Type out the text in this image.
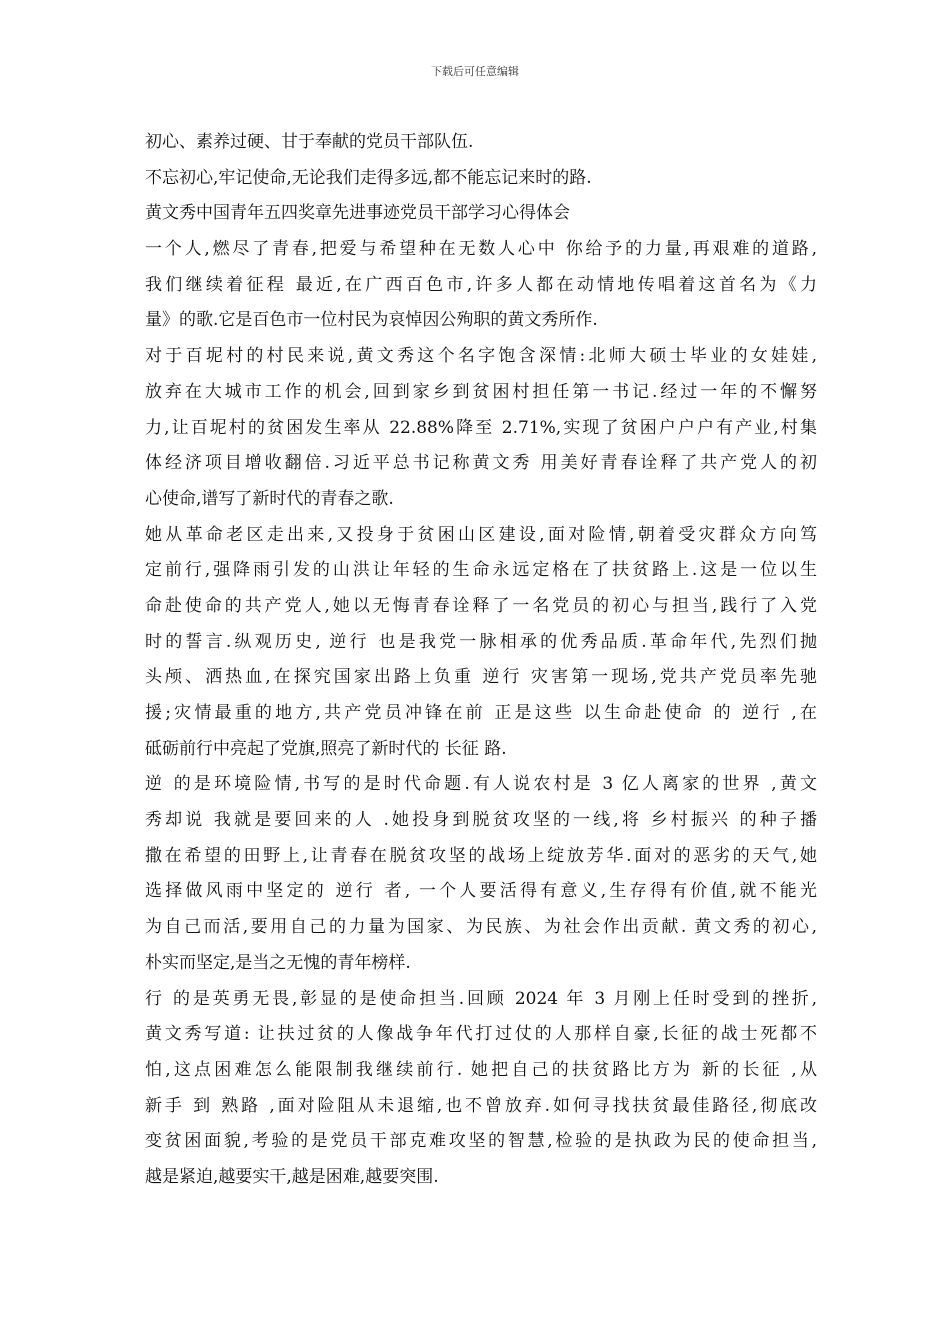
下载后可任意编辑
初心、素养过硬、甘于奉献的党员干部队伍.
不忘初心,牢记使命,无论我们走得多远,都不能忘记来时的路.
黄文秀中国青年五四奖章先进事迹党员干部学习心得体会
一个人,燃尽了青春,把爱与希望种在无数人心中 你给予的力量,再艰难的道路,
我们继续着征程 最近,在广西百色市,许多人都在动情地传唱着这首名为《力
量》的歌.它是百色市一位村民为哀悼因公殉职的黄文秀所作.
对于百坭村的村民来说,黄文秀这个名字饱含深情:北师大硕士毕业的女娃娃,
放弃在大城市工作的机会,回到家乡到贫困村担任第一书记.经过一年的不懈努
力,让百坭村的贫困发生率从 22.88%降至 2.71%,实现了贫困户户户有产业,村集
体经济项目增收翻倍.习近平总书记称黄文秀 用美好青春诠释了共产党人的初
心使命,谱写了新时代的青春之歌.
她从革命老区走出来,又投身于贫困山区建设,面对险情,朝着受灾群众方向笃
定前行,强降雨引发的山洪让年轻的生命永远定格在了扶贫路上.这是一位以生
命赴使命的共产党人,她以无悔青春诠释了一名党员的初心与担当,践行了入党
时的誓言.纵观历史, 逆行 也是我党一脉相承的优秀品质.革命年代,先烈们抛
头颅、洒热血,在探究国家出路上负重 逆行 灾害第一现场,党共产党员率先驰
援;灾情最重的地方,共产党员冲锋在前 正是这些 以生命赴使命 的 逆行 ,在
砥砺前行中亮起了党旗,照亮了新时代的 长征 路.
逆 的是环境险情,书写的是时代命题.有人说农村是 3 亿人离家的世界 ,黄文
秀却说 我就是要回来的人 .她投身到脱贫攻坚的一线,将 乡村振兴 的种子播
撒在希望的田野上,让青春在脱贫攻坚的战场上绽放芳华.面对的恶劣的天气,她
选择做风雨中坚定的 逆行 者, 一个人要活得有意义,生存得有价值,就不能光
为自己而活,要用自己的力量为国家、为民族、为社会作出贡献. 黄文秀的初心,
朴实而坚定,是当之无愧的青年榜样.
行 的是英勇无畏,彰显的是使命担当.回顾 2024 年 3 月刚上任时受到的挫折,
黄文秀写道: 让扶过贫的人像战争年代打过仗的人那样自豪,长征的战士死都不
怕,这点困难怎么能限制我继续前行. 她把自己的扶贫路比方为 新的长征 ,从
新手 到 熟路 ,面对险阻从未退缩,也不曾放弃.如何寻找扶贫最佳路径,彻底改
变贫困面貌,考验的是党员干部克难攻坚的智慧,检验的是执政为民的使命担当,
越是紧迫,越要实干,越是困难,越要突围.
